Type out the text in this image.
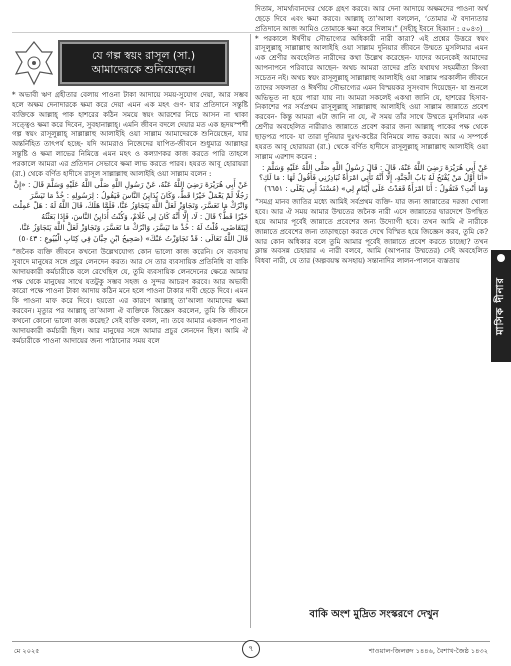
যে গল্প স্বয়ং রাসূল (সা.)
আমাদেরকে শুনিয়েছেন।

* অভাবী ঋণ গ্রহীতার বেলায় পাওনা টাকা আদায়ে সময়-সুযোগ দেয়া, আর সম্ভব হলে অক্ষম দেনাদারকে ক্ষমা করে দেয়া এমন এক মহৎ গুণ- যার প্রতিদানে সন্তুষ্টি ব্যক্তিকে আল্লাহ্‌ পাক হাশরের কঠিন সময়ে স্বয়ং আরশের নিচে আসন না থাকা সত্ত্বেও ক্ষমা করে দিবেন, সুবহানাল্লাহ্‌। এমনি জীবন বদলে দেয়ার মত এক হৃদয়স্পর্শী গল্প স্বয়ং রাসূলুল্লাহ্‌ সাল্লাল্লাহু আলাইহি ওয়া সাল্লাম আমাদেরকে শুনিয়েছেন, যার অন্তর্নিহিত তাৎপর্য হচ্ছে- যদি আমরাও নিজেদের যাপিত-জীবনে শুধুমাত্র আল্লাহর সন্তুষ্টি ও ক্ষমা লাভের নিমিত্তে এমন মহৎ ও কল্যাণকর কাজ করতে পারি তাহলে পরকালে আমরা এর প্রতিদান সেভাবে ক্ষমা লাভ করতে পারব। হযরত আবূ হোরায়রা (রা.) থেকে বর্ণিত হাদীসে রাসূল সাল্লাল্লাহু আলাইহি ওয়া সাল্লাম বলেন :

عَنْ أَبِي هُرَيْرَةَ رَضِيَ اللَّهُ عَنْهُ، عَنْ رَسُولِ اللَّهِ صَلَّى اللَّهُ عَلَيْهِ وَسَلَّمَ قَالَ : «إِنَّ رَجُلًا لَمْ يَعْمَلْ خَيْرًا قَطُّ، وَكَانَ يُدَايِنُ النَّاسَ فَيَقُولُ : لِرَسُولِهِ : خُذْ مَا تَيَسَّرَ وَاتْرُكْ مَا تَعَسَّرَ، وَتَجَاوَزْ لَعَلَّ اللَّهَ يَتَجَاوَزُ عَنَّا، فَلَمَّا هَلَكَ، قَالَ اللَّهُ لَهُ : هَلْ عَمِلْتَ خَيْرًا قَطُّ؟ قَالَ : لَا، إِلَّا أَنَّهُ كَانَ لِي غُلَامٌ، وَكُنْتُ أُدَايِنُ النَّاسَ، فَإِذَا بَعَثْتُهُ لِيَتَقَاضَى، قُلْتُ لَهُ : خُذْ مَا تَيَسَّرَ، وَاتْرُكْ مَا تَعَسَّرَ، وَتَجَاوَزْ لَعَلَّ اللَّهَ يَتَجَاوَزُ عَنَّا، قَالَ اللَّهُ تَعَالَى : قَدْ تَجَاوَزْتُ عَنْكَ» (صَحِيحُ ابْنِ حِبَّانَ فِي كِتَابِ الْبُيُوعِ : ٥٠٤٣)

“জনৈক ব্যক্তি জীবনে কখনো উল্লেখযোগ্য কোন ভালো কাজ করেনি। সে ব্যবসায় সুবাদে মানুষের সঙ্গে প্রচুর লেনদেন করত। আর সে তার ব্যবসায়িক প্রতিনিধি বা বাকি আদায়কারী কর্মচারীকে বলে রেখেছিল যে, তুমি ব্যবসায়িক লেনদেনের ক্ষেত্রে আমার পক্ষ থেকে মানুষের সাথে যতটুকু সম্ভব সহজ ও সুন্দর আচরণ করবে। আর অভাবী কারো পক্ষে পাওনা টাকা আদায় কঠিন মনে হলে পাওনা টাকার দাবী ছেড়ে দিবে। এমন কি পাওনা মাফ করে দিবে। হয়তো এর কারণে আল্লাহ্‌ তা’আলা আমাদের ক্ষমা করবেন। মৃত্যুর পর আল্লাহ্‌ তা’আলা ঐ ব্যক্তিকে জিজ্ঞেস করলেন, তুমি কি জীবনে কখনো কোনো ভালো কাজ করেছ? সেই ব্যক্তি বলল, না। তবে আমার একজন পাওনা আদায়কারী কর্মচারী ছিল। আর মানুষের সঙ্গে আমার প্রচুর লেনদেন ছিল। আমি ঐ কর্মচারীকে পাওনা আদায়ের জন্য পাঠানোর সময় বলে

দিতাম, সামর্থ্যবানদের থেকে গ্রহণ করবে। আর দেনা আদায়ে অক্ষমদের পাওনা অর্থ ছেড়ে দিবে এবং ক্ষমা করবে। আল্লাহ্‌ তা’আলা বললেন, ‘তোমার ঐ বদান্যতার প্রতিদানে আজ আমিও তোমাকে ক্ষমা করে দিলাম।” (সহীহ্‌ ইবনে হিব্বান : ৫০৪৩)

* পরকালে ঈর্ষণীয় সৌভাগ্যের অধিকারী নারী কারা? এই প্রশ্নের উত্তরে স্বয়ং রাসূলুল্লাহ্‌ সাল্লাল্লাহু আলাইহি ওয়া সাল্লাম দুনিয়ার জীবনে উম্মতে মুসলিমার এমন এক শ্রেণীর অবহেলিত নারীদের কথা উল্লেখ করেছেন- যাদের অনেকেই আমাদের আপনাপনে পরিবারে আছেন- অথচ আমরা তাদের প্রতি যথাযথ সহমর্মীতা কিংবা সচেতন নই। অথচ স্বয়ং রাসূলুল্লাহ্‌ সাল্লাল্লাহু আলাইহি ওয়া সাল্লাম পরকালীন জীবনে তাদের সফলতা ও ঈর্ষণীয় সৌভাগ্যের এমন বিস্ময়কর সুসংবাদ দিয়েছেন- যা শুনলে অভিভূত না হয়ে পারা যায় না। আমরা সকলেই একথা জানি যে, হাশরের হিসাব-নিকাশের পর সর্বপ্রথম রাসূলুল্লাহ্‌ সাল্লাল্লাহু আলাইহি ওয়া সাল্লাম জান্নাতে প্রবেশ করবেন- কিন্তু আমরা এটা জানি না যে, ঐ সময় তাঁর সাথে উম্মতে মুসলিমার এক শ্রেণীর অবহেলিত নারীরাও জান্নাতে প্রবেশ করার জন্য আল্লাহ্‌ পাকের পক্ষ থেকে ছাড়পত্র পাবে- যা তারা দুনিয়ার দুঃখ-কষ্টের বিনিময়ে লাভ করবে। আর এ সম্পর্কে হযরত আবূ হোরায়রা (রা.) থেকে বর্ণিত হাদীসে রাসূলুল্লাহ্‌ সাল্লাল্লাহু আলাইহি ওয়া সাল্লাম এরশাদ করেন :

عَنْ أَبِي هُرَيْرَةَ رَضِيَ اللَّهُ عَنْهُ، قَالَ : قَالَ رَسُولُ اللَّهِ صَلَّى اللَّهُ عَلَيْهِ وَسَلَّمَ : «أَنَا أَوَّلُ مَنْ يُفْتَحُ لَهُ بَابُ الْجَنَّةِ، إِلَّا أَنَّهُ تَأْتِي امْرَأَةٌ تُبَادِرُنِي فَأَقُولُ لَهَا : مَا لَكِ؟ وَمَا أَنْتِ؟ فَتَقُولُ : أَنَا امْرَأَةٌ قَعَدْتُ عَلَى أَيْتَامٍ لِي» (مُسْنَدُ أَبِي يَعْلَى : ٦٦٥١)

“সমগ্র মানব জাতির মধ্যে আমিই সর্বপ্রথম ব্যক্তি- যার জন্য জান্নাতের দরজা খোলা হবে। আর ঐ সময় আমার উম্মতের জনৈক নারী এসে জান্নাতের দ্বারদেশে উপস্থিত হয়ে আমার পূর্বেই জান্নাতে প্রবেশের জন্য উদ্যোগী হবে। তখন আমি ঐ নারীকে জান্নাতে প্রবেশের জন্য তাড়াহুড়ো করতে দেখে বিস্মিত হয়ে জিজ্ঞেস করব, তুমি কে? আর কোন অধিকার বলে তুমি আমার পূর্বেই জান্নাতে প্রবেশ করতে চাচ্ছো? তখন ক্লান্ত অবসন্ন চেহারার এ নারী বলবে, আমি (আপনার উম্মতের) সেই অবহেলিত বিধবা নারী, যে তার (অল্পবয়স্ক অসহায়) সন্তানাদির লালন-পালনে ব্যস্ততায়

বাকি অংশ মুদ্রিত সংস্করণে দেখুন
মাসিক দীনার
মে ২০২৫	৭	শাওয়াল-জিলক্বদ ১৪৪৬, বৈশাখ-জৈষ্ঠ ১৪৩২
